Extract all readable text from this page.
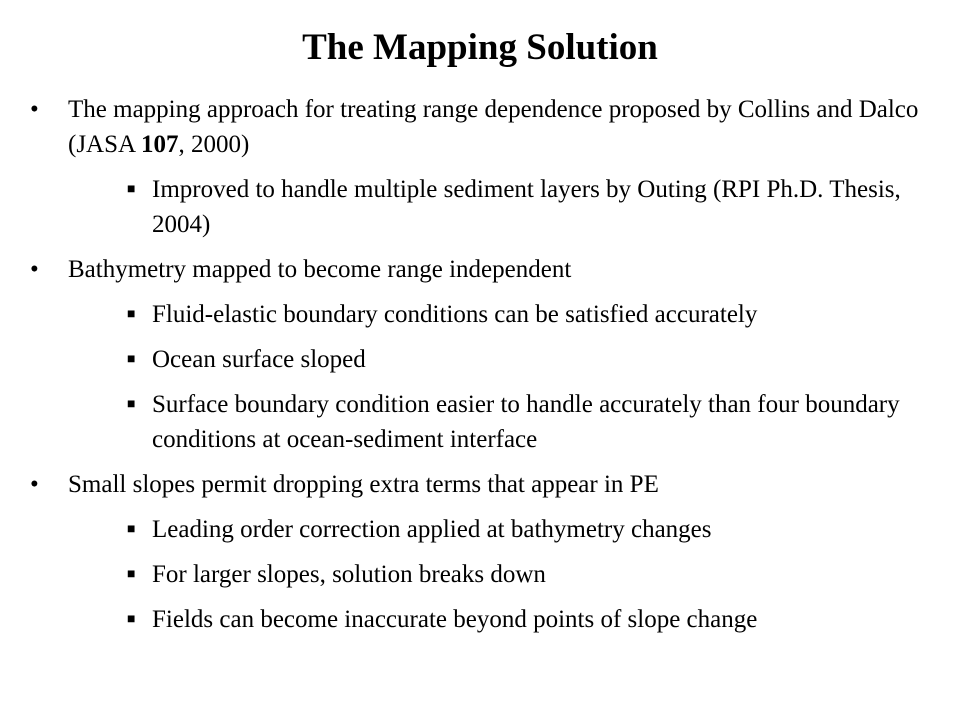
The Mapping Solution
• The mapping approach for treating range dependence proposed by Collins and Dalco (JASA 107, 2000)
■ Improved to handle multiple sediment layers by Outing (RPI Ph.D. Thesis, 2004)
• Bathymetry mapped to become range independent
■ Fluid-elastic boundary conditions can be satisfied accurately
■ Ocean surface sloped
■ Surface boundary condition easier to handle accurately than four boundary conditions at ocean-sediment interface
• Small slopes permit dropping extra terms that appear in PE
■ Leading order correction applied at bathymetry changes
■ For larger slopes, solution breaks down
■ Fields can become inaccurate beyond points of slope change
